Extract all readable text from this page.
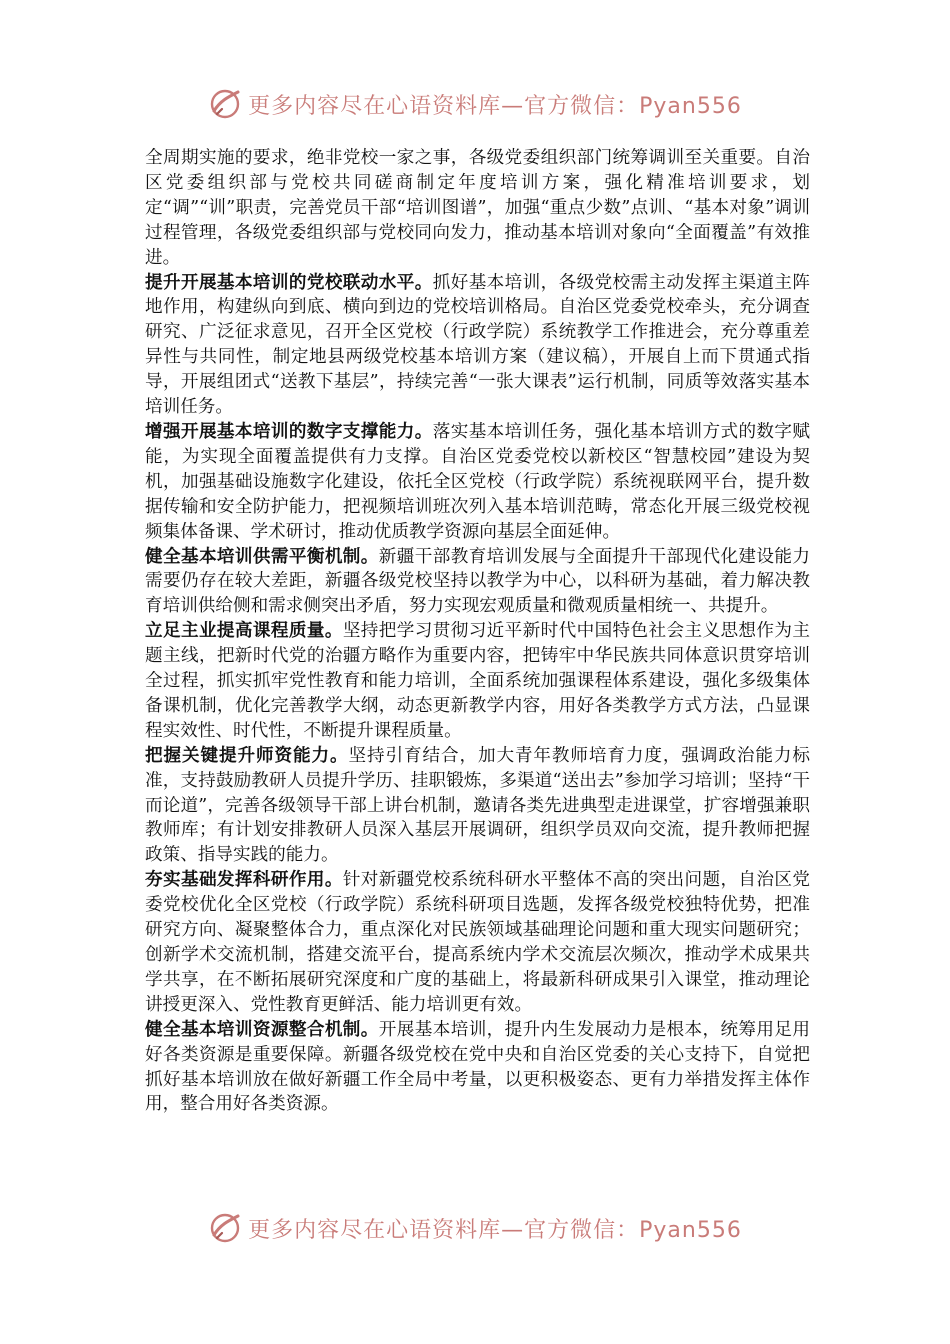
更多内容尽在心语资料库—官方微信：Pyan556

全周期实施的要求，绝非党校一家之事，各级党委组织部门统筹调训至关重要。自治区党委组织部与党校共同磋商制定年度培训方案，强化精准培训要求，划定“调”“训”职责，完善党员干部“培训图谱”，加强“重点少数”点训、“基本对象”调训过程管理，各级党委组织部与党校同向发力，推动基本培训对象向“全面覆盖”有效推进。

提升开展基本培训的党校联动水平。抓好基本培训，各级党校需主动发挥主渠道主阵地作用，构建纵向到底、横向到边的党校培训格局。自治区党委党校牵头，充分调查研究、广泛征求意见，召开全区党校（行政学院）系统教学工作推进会，充分尊重差异性与共同性，制定地县两级党校基本培训方案（建议稿），开展自上而下贯通式指导，开展组团式“送教下基层”，持续完善“一张大课表”运行机制，同质等效落实基本培训任务。

增强开展基本培训的数字支撑能力。落实基本培训任务，强化基本培训方式的数字赋能，为实现全面覆盖提供有力支撑。自治区党委党校以新校区“智慧校园”建设为契机，加强基础设施数字化建设，依托全区党校（行政学院）系统视联网平台，提升数据传输和安全防护能力，把视频培训班次列入基本培训范畴，常态化开展三级党校视频集体备课、学术研讨，推动优质教学资源向基层全面延伸。

健全基本培训供需平衡机制。新疆干部教育培训发展与全面提升干部现代化建设能力需要仍存在较大差距，新疆各级党校坚持以教学为中心，以科研为基础，着力解决教育培训供给侧和需求侧突出矛盾，努力实现宏观质量和微观质量相统一、共提升。

立足主业提高课程质量。坚持把学习贯彻习近平新时代中国特色社会主义思想作为主题主线，把新时代党的治疆方略作为重要内容，把铸牢中华民族共同体意识贯穿培训全过程，抓实抓牢党性教育和能力培训，全面系统加强课程体系建设，强化多级集体备课机制，优化完善教学大纲，动态更新教学内容，用好各类教学方式方法，凸显课程实效性、时代性，不断提升课程质量。

把握关键提升师资能力。坚持引育结合，加大青年教师培育力度，强调政治能力标准，支持鼓励教研人员提升学历、挂职锻炼，多渠道“送出去”参加学习培训；坚持“干而论道”，完善各级领导干部上讲台机制，邀请各类先进典型走进课堂，扩容增强兼职教师库；有计划安排教研人员深入基层开展调研，组织学员双向交流，提升教师把握政策、指导实践的能力。

夯实基础发挥科研作用。针对新疆党校系统科研水平整体不高的突出问题，自治区党委党校优化全区党校（行政学院）系统科研项目选题，发挥各级党校独特优势，把准研究方向、凝聚整体合力，重点深化对民族领域基础理论问题和重大现实问题研究；创新学术交流机制，搭建交流平台，提高系统内学术交流层次频次，推动学术成果共学共享，在不断拓展研究深度和广度的基础上，将最新科研成果引入课堂，推动理论讲授更深入、党性教育更鲜活、能力培训更有效。

健全基本培训资源整合机制。开展基本培训，提升内生发展动力是根本，统筹用足用好各类资源是重要保障。新疆各级党校在党中央和自治区党委的关心支持下，自觉把抓好基本培训放在做好新疆工作全局中考量，以更积极姿态、更有力举措发挥主体作用，整合用好各类资源。

更多内容尽在心语资料库—官方微信：Pyan556
